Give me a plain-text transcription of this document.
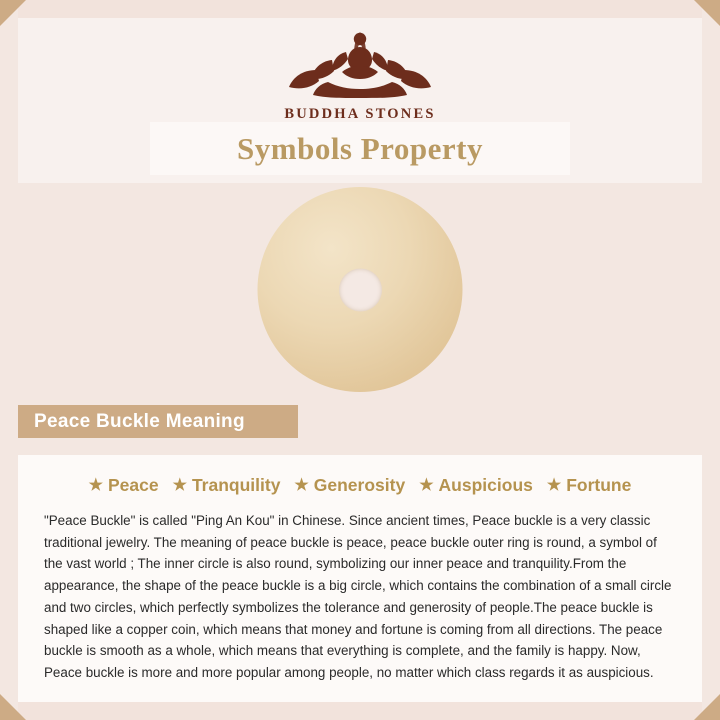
BUDDHA STONES
Symbols Property
Peace Buckle Meaning
★ Peace ★ Tranquility ★ Generosity ★ Auspicious ★ Fortune

"Peace Buckle" is called "Ping An Kou" in Chinese. Since ancient times, Peace buckle is a very classic traditional jewelry. The meaning of peace buckle is peace, peace buckle outer ring is round, a symbol of the vast world ; The inner circle is also round, symbolizing our inner peace and tranquility.From the appearance, the shape of the peace buckle is a big circle, which contains the combination of a small circle and two circles, which perfectly symbolizes the tolerance and generosity of people.The peace buckle is shaped like a copper coin, which means that money and fortune is coming from all directions. The peace buckle is smooth as a whole, which means that everything is complete, and the family is happy. Now, Peace buckle is more and more popular among people, no matter which class regards it as auspicious.
